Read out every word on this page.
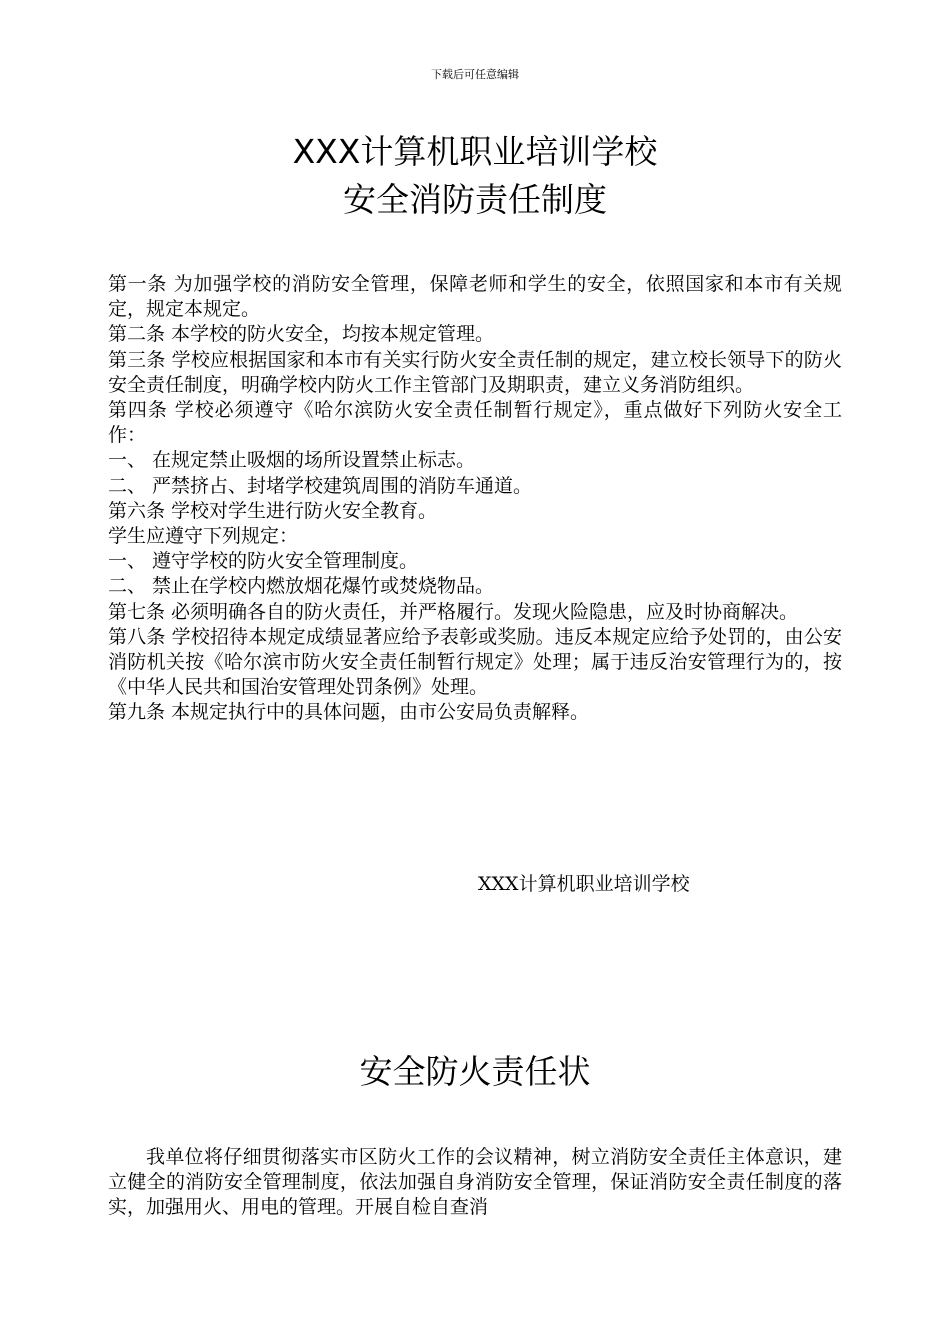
下载后可任意编辑
XXX计算机职业培训学校
安全消防责任制度

第一条 为加强学校的消防安全管理，保障老师和学生的安全，依照国家和本市有关规定，规定本规定。

第二条 本学校的防火安全，均按本规定管理。

第三条 学校应根据国家和本市有关实行防火安全责任制的规定，建立校长领导下的防火安全责任制度，明确学校内防火工作主管部门及期职责，建立义务消防组织。

第四条 学校必须遵守《哈尔滨防火安全责任制暂行规定》，重点做好下列防火安全工作：

一、 在规定禁止吸烟的场所设置禁止标志。

二、 严禁挤占、封堵学校建筑周围的消防车通道。

第六条 学校对学生进行防火安全教育。

学生应遵守下列规定：

一、 遵守学校的防火安全管理制度。

二、 禁止在学校内燃放烟花爆竹或焚烧物品。

第七条 必须明确各自的防火责任，并严格履行。发现火险隐患，应及时协商解决。

第八条 学校招待本规定成绩显著应给予表彰或奖励。违反本规定应给予处罚的，由公安消防机关按《哈尔滨市防火安全责任制暂行规定》处理；属于违反治安管理行为的，按《中华人民共和国治安管理处罚条例》处理。

第九条 本规定执行中的具体问题，由市公安局负责解释。

XXX计算机职业培训学校
安全防火责任状

我单位将仔细贯彻落实市区防火工作的会议精神，树立消防安全责任主体意识，建立健全的消防安全管理制度，依法加强自身消防安全管理，保证消防安全责任制度的落实，加强用火、用电的管理。开展自检自查消
